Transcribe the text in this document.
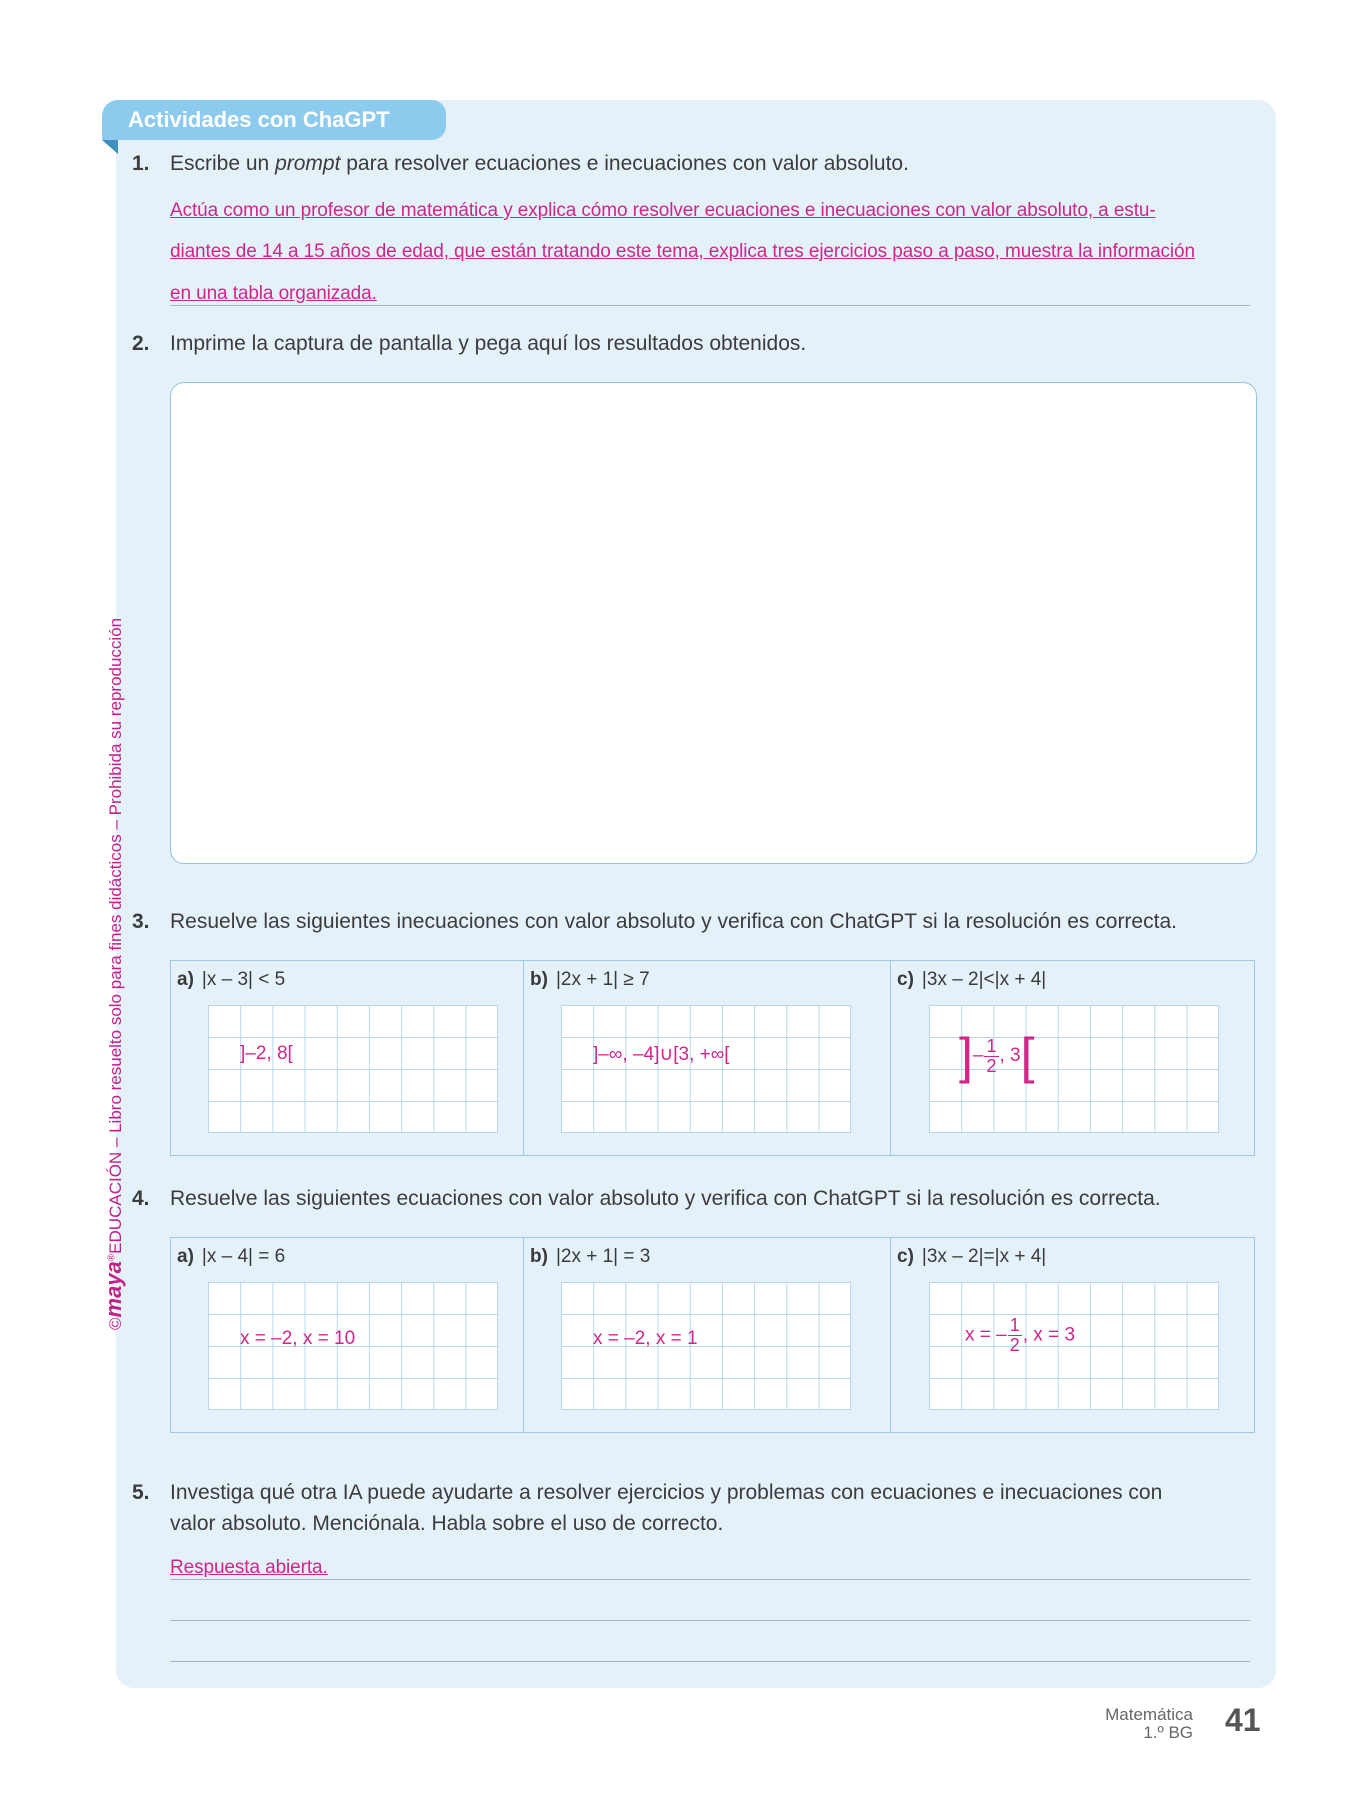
Actividades con ChaGPT
©maya®EDUCACIÓN – Libro resuelto solo para fines didácticos – Prohibida su reproducción
1. Escribe un prompt para resolver ecuaciones e inecuaciones con valor absoluto.
Actúa como un profesor de matemática y explica cómo resolver ecuaciones e inecuaciones con valor absoluto, a estu-
diantes de 14 a 15 años de edad, que están tratando este tema, explica tres ejercicios paso a paso, muestra la información
en una tabla organizada.
2. Imprime la captura de pantalla y pega aquí los resultados obtenidos.
3. Resuelve las siguientes inecuaciones con valor absoluto y verifica con ChatGPT si la resolución es correcta.
a) |x – 3| < 5
]–2, 8[
b) |2x + 1| ≥ 7
]–∞, –4]∪[3, +∞[
c) |3x – 2|<|x + 4|
]– $\frac{1}{2}$ , 3[
4. Resuelve las siguientes ecuaciones con valor absoluto y verifica con ChatGPT si la resolución es correcta.
a) |x – 4| = 6
x = –2, x = 10
b) |2x + 1| = 3
x = –2, x = 1
c) |3x – 2|=|x + 4|
x = – $\frac{1}{2}$ , x = 3
5. Investiga qué otra IA puede ayudarte a resolver ejercicios y problemas con ecuaciones e inecuaciones con
valor absoluto. Menciónala. Habla sobre el uso de correcto.
Respuesta abierta.
Matemática
1.º BG 41
